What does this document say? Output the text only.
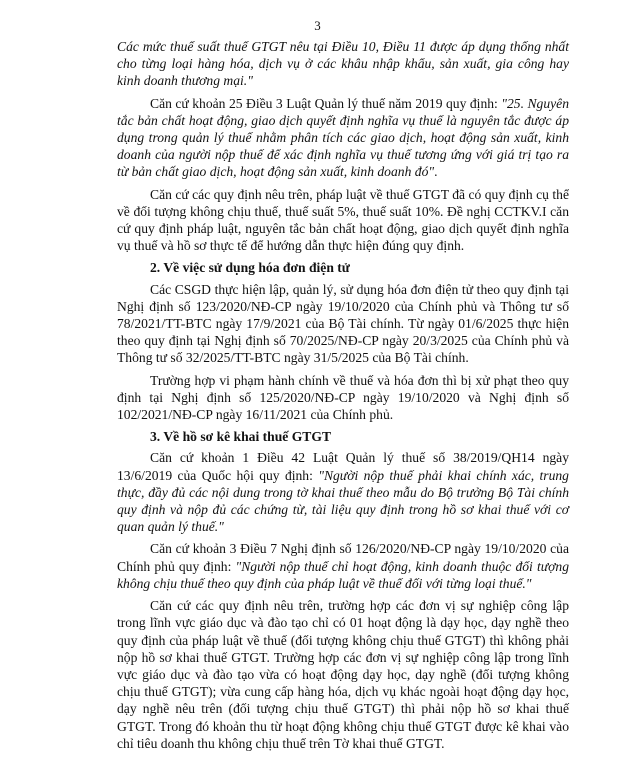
3

Các mức thuế suất thuế GTGT nêu tại Điều 10, Điều 11 được áp dụng thống nhất cho từng loại hàng hóa, dịch vụ ở các khâu nhập khẩu, sản xuất, gia công hay kinh doanh thương mại."

Căn cứ khoản 25 Điều 3 Luật Quản lý thuế năm 2019 quy định: "25. Nguyên tắc bản chất hoạt động, giao dịch quyết định nghĩa vụ thuế là nguyên tắc được áp dụng trong quản lý thuế nhằm phân tích các giao dịch, hoạt động sản xuất, kinh doanh của người nộp thuế để xác định nghĩa vụ thuế tương ứng với giá trị tạo ra từ bản chất giao dịch, hoạt động sản xuất, kinh doanh đó".

Căn cứ các quy định nêu trên, pháp luật về thuế GTGT đã có quy định cụ thể về đối tượng không chịu thuế, thuế suất 5%, thuế suất 10%. Đề nghị CCTKV.I căn cứ quy định pháp luật, nguyên tắc bản chất hoạt động, giao dịch quyết định nghĩa vụ thuế và hồ sơ thực tế để hướng dẫn thực hiện đúng quy định.

2. Về việc sử dụng hóa đơn điện tử

Các CSGD thực hiện lập, quản lý, sử dụng hóa đơn điện tử theo quy định tại Nghị định số 123/2020/NĐ-CP ngày 19/10/2020 của Chính phủ và Thông tư số 78/2021/TT-BTC ngày 17/9/2021 của Bộ Tài chính. Từ ngày 01/6/2025 thực hiện theo quy định tại Nghị định số 70/2025/NĐ-CP ngày 20/3/2025 của Chính phủ và Thông tư số 32/2025/TT-BTC ngày 31/5/2025 của Bộ Tài chính.

Trường hợp vi phạm hành chính về thuế và hóa đơn thì bị xử phạt theo quy định tại Nghị định số 125/2020/NĐ-CP ngày 19/10/2020 và Nghị định số 102/2021/NĐ-CP ngày 16/11/2021 của Chính phủ.

3. Về hồ sơ kê khai thuế GTGT

Căn cứ khoản 1 Điều 42 Luật Quản lý thuế số 38/2019/QH14 ngày 13/6/2019 của Quốc hội quy định: "Người nộp thuế phải khai chính xác, trung thực, đầy đủ các nội dung trong tờ khai thuế theo mẫu do Bộ trưởng Bộ Tài chính quy định và nộp đủ các chứng từ, tài liệu quy định trong hồ sơ khai thuế với cơ quan quản lý thuế."

Căn cứ khoản 3 Điều 7 Nghị định số 126/2020/NĐ-CP ngày 19/10/2020 của Chính phủ quy định: "Người nộp thuế chỉ hoạt động, kinh doanh thuộc đối tượng không chịu thuế theo quy định của pháp luật về thuế đối với từng loại thuế."

Căn cứ các quy định nêu trên, trường hợp các đơn vị sự nghiệp công lập trong lĩnh vực giáo dục và đào tạo chỉ có 01 hoạt động là dạy học, dạy nghề theo quy định của pháp luật về thuế (đối tượng không chịu thuế GTGT) thì không phải nộp hồ sơ khai thuế GTGT. Trường hợp các đơn vị sự nghiệp công lập trong lĩnh vực giáo dục và đào tạo vừa có hoạt động dạy học, dạy nghề (đối tượng không chịu thuế GTGT); vừa cung cấp hàng hóa, dịch vụ khác ngoài hoạt động dạy học, dạy nghề nêu trên (đối tượng chịu thuế GTGT) thì phải nộp hồ sơ khai thuế GTGT. Trong đó khoản thu từ hoạt động không chịu thuế GTGT được kê khai vào chỉ tiêu doanh thu không chịu thuế trên Tờ khai thuế GTGT.
